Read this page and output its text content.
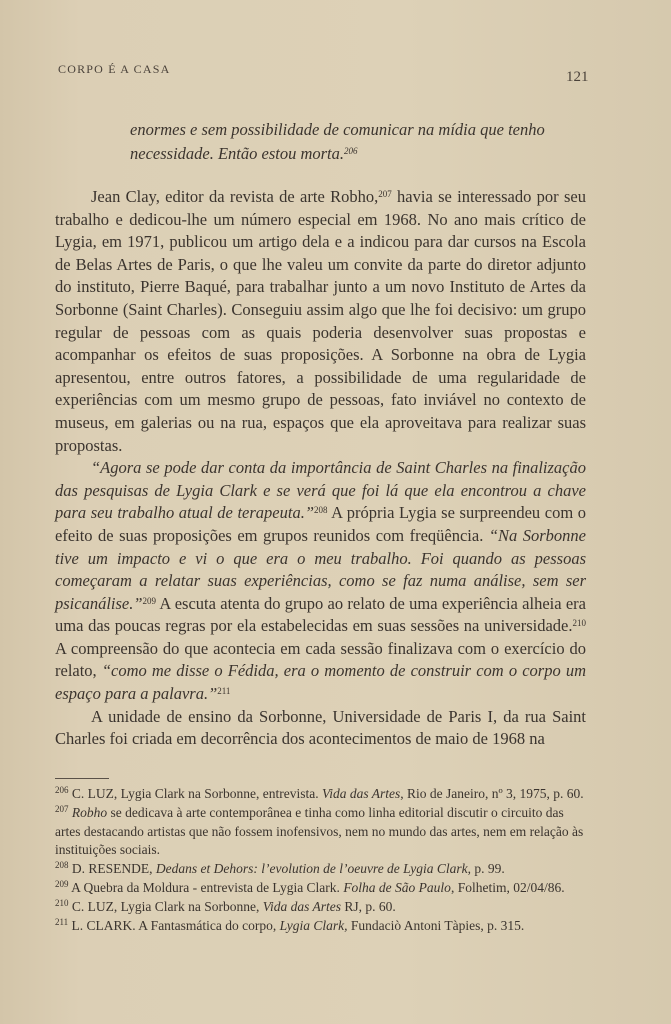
CORPO É A CASA	121

enormes e sem possibilidade de comunicar na mídia que tenho necessidade. Então estou morta.$^{206}$

Jean Clay, editor da revista de arte Robho,$^{207}$ havia se interessado por seu trabalho e dedicou-lhe um número especial em 1968. No ano mais crítico de Lygia, em 1971, publicou um artigo dela e a indicou para dar cursos na Escola de Belas Artes de Paris, o que lhe valeu um convite da parte do diretor adjunto do instituto, Pierre Baqué, para trabalhar junto a um novo Instituto de Artes da Sorbonne (Saint Charles). Conseguiu assim algo que lhe foi decisivo: um grupo regular de pessoas com as quais poderia desenvolver suas propostas e acompanhar os efeitos de suas proposições. A Sorbonne na obra de Lygia apresentou, entre outros fatores, a possibilidade de uma regularidade de experiências com um mesmo grupo de pessoas, fato inviável no contexto de museus, em galerias ou na rua, espaços que ela aproveitava para realizar suas propostas.

“Agora se pode dar conta da importância de Saint Charles na finalização das pesquisas de Lygia Clark e se verá que foi lá que ela encontrou a chave para seu trabalho atual de terapeuta.”$^{208}$ A própria Lygia se surpreendeu com o efeito de suas proposições em grupos reunidos com freqüência. “Na Sorbonne tive um impacto e vi o que era o meu trabalho. Foi quando as pessoas começaram a relatar suas experiências, como se faz numa análise, sem ser psicanálise.”$^{209}$ A escuta atenta do grupo ao relato de uma experiência alheia era uma das poucas regras por ela estabelecidas em suas sessões na universidade.$^{210}$ A compreensão do que acontecia em cada sessão finalizava com o exercício do relato, “como me disse o Fédida, era o momento de construir com o corpo um espaço para a palavra.”$^{211}$

A unidade de ensino da Sorbonne, Universidade de Paris I, da rua Saint Charles foi criada em decorrência dos acontecimentos de maio de 1968 na

$^{206}$ C. LUZ, Lygia Clark na Sorbonne, entrevista. Vida das Artes, Rio de Janeiro, nº 3, 1975, p. 60.

$^{207}$ Robho se dedicava à arte contemporânea e tinha como linha editorial discutir o circuito das artes destacando artistas que não fossem inofensivos, nem no mundo das artes, nem em relação às instituições sociais.

$^{208}$ D. RESENDE, Dedans et Dehors: l’evolution de l’oeuvre de Lygia Clark, p. 99.

$^{209}$ A Quebra da Moldura - entrevista de Lygia Clark. Folha de São Paulo, Folhetim, 02/04/86.

$^{210}$ C. LUZ, Lygia Clark na Sorbonne, Vida das Artes RJ, p. 60.

$^{211}$ L. CLARK. A Fantasmática do corpo, Lygia Clark, Fundaciò Antoni Tàpies, p. 315.
